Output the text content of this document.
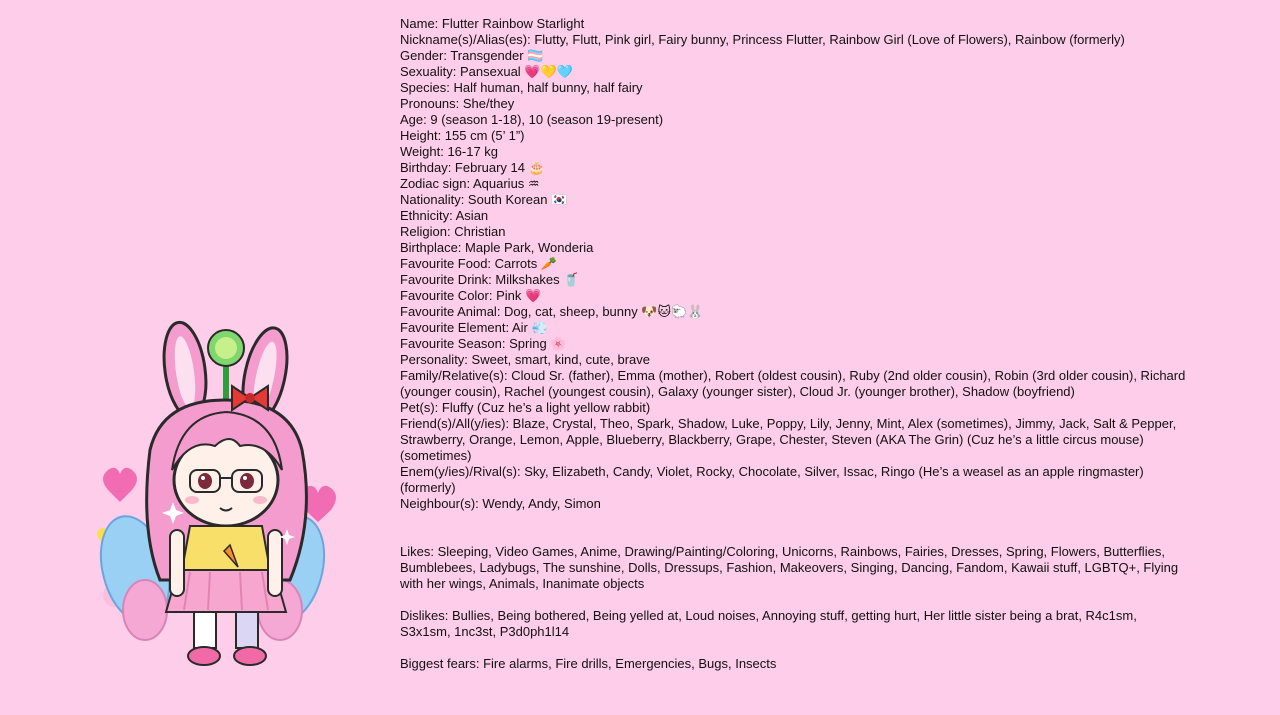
Name: Flutter Rainbow Starlight

Nickname(s)/Alias(es): Flutty, Flutt, Pink girl, Fairy bunny, Princess Flutter, Rainbow Girl (Love of Flowers), Rainbow (formerly)

Gender: Transgender 🏳️‍⚧️

Sexuality: Pansexual 💗💛🩵

Species: Half human, half bunny, half fairy

Pronouns: She/they

Age: 9 (season 1-18), 10 (season 19-present)

Height: 155 cm (5’ 1”)

Weight: 16-17 kg

Birthday: February 14 🎂

Zodiac sign: Aquarius ♒

Nationality: South Korean 🇰🇷

Ethnicity: Asian

Religion: Christian

Birthplace: Maple Park, Wonderia

Favourite Food: Carrots 🥕

Favourite Drink: Milkshakes 🥤

Favourite Color: Pink 💗

Favourite Animal: Dog, cat, sheep, bunny 🐶🐱🐑🐰

Favourite Element: Air 💨

Favourite Season: Spring 🌸

Personality: Sweet, smart, kind, cute, brave

Family/Relative(s): Cloud Sr. (father), Emma (mother), Robert (oldest cousin), Ruby (2nd older cousin), Robin (3rd older cousin), Richard (younger cousin), Rachel (youngest cousin), Galaxy (younger sister), Cloud Jr. (younger brother), Shadow (boyfriend)

Pet(s): Fluffy (Cuz he’s a light yellow rabbit)

Friend(s)/All(y/ies): Blaze, Crystal, Theo, Spark, Shadow, Luke, Poppy, Lily, Jenny, Mint, Alex (sometimes), Jimmy, Jack, Salt & Pepper, Strawberry, Orange, Lemon, Apple, Blueberry, Blackberry, Grape, Chester, Steven (AKA The Grin) (Cuz he’s a little circus mouse) (sometimes)

Enem(y/ies)/Rival(s): Sky, Elizabeth, Candy, Violet, Rocky, Chocolate, Silver, Issac, Ringo (He’s a weasel as an apple ringmaster) (formerly)

Neighbour(s): Wendy, Andy, Simon

Likes: Sleeping, Video Games, Anime, Drawing/Painting/Coloring, Unicorns, Rainbows, Fairies, Dresses, Spring, Flowers, Butterflies, Bumblebees, Ladybugs, The sunshine, Dolls, Dressups, Fashion, Makeovers, Singing, Dancing, Fandom, Kawaii stuff, LGBTQ+, Flying with her wings, Animals, Inanimate objects

Dislikes: Bullies, Being bothered, Being yelled at, Loud noises, Annoying stuff, getting hurt, Her little sister being a brat, R4c1sm, S3x1sm, 1nc3st, P3d0ph1l14

Biggest fears: Fire alarms, Fire drills, Emergencies, Bugs, Insects
